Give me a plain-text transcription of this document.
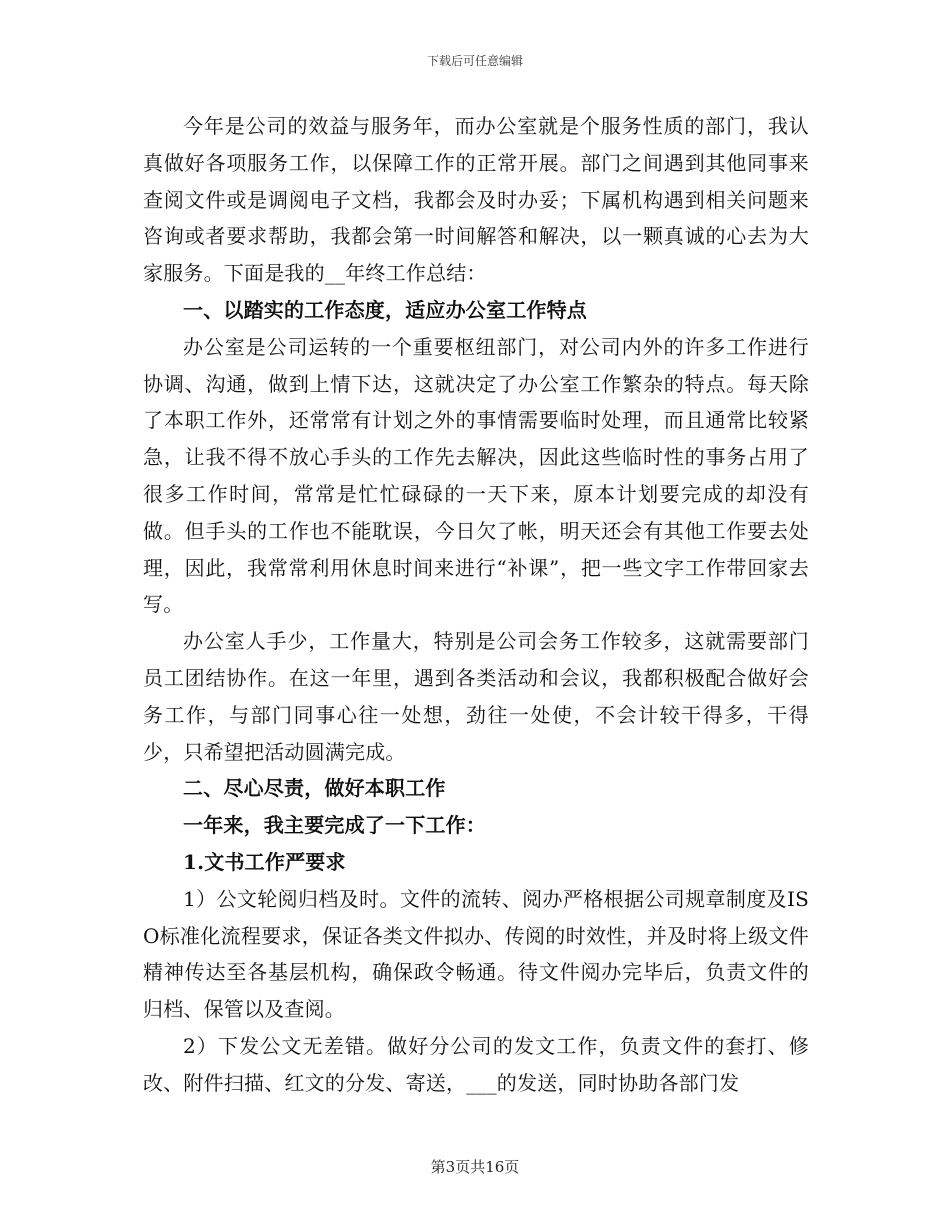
下载后可任意编辑

今年是公司的效益与服务年，而办公室就是个服务性质的部门，我认真做好各项服务工作，以保障工作的正常开展。部门之间遇到其他同事来查阅文件或是调阅电子文档，我都会及时办妥；下属机构遇到相关问题来咨询或者要求帮助，我都会第一时间解答和解决，以一颗真诚的心去为大家服务。下面是我的__年终工作总结：

一、以踏实的工作态度，适应办公室工作特点

办公室是公司运转的一个重要枢纽部门，对公司内外的许多工作进行协调、沟通，做到上情下达，这就决定了办公室工作繁杂的特点。每天除了本职工作外，还常常有计划之外的事情需要临时处理，而且通常比较紧急，让我不得不放心手头的工作先去解决，因此这些临时性的事务占用了很多工作时间，常常是忙忙碌碌的一天下来，原本计划要完成的却没有做。但手头的工作也不能耽误，今日欠了帐，明天还会有其他工作要去处理，因此，我常常利用休息时间来进行“补课”，把一些文字工作带回家去写。

办公室人手少，工作量大，特别是公司会务工作较多，这就需要部门员工团结协作。在这一年里，遇到各类活动和会议，我都积极配合做好会务工作，与部门同事心往一处想，劲往一处使，不会计较干得多，干得少，只希望把活动圆满完成。

二、尽心尽责，做好本职工作

一年来，我主要完成了一下工作：

1.文书工作严要求

1）公文轮阅归档及时。文件的流转、阅办严格根据公司规章制度及ISO标准化流程要求，保证各类文件拟办、传阅的时效性，并及时将上级文件精神传达至各基层机构，确保政令畅通。待文件阅办完毕后，负责文件的归档、保管以及查阅。

2）下发公文无差错。做好分公司的发文工作，负责文件的套打、修改、附件扫描、红文的分发、寄送，___的发送，同时协助各部门发

第3页共16页
